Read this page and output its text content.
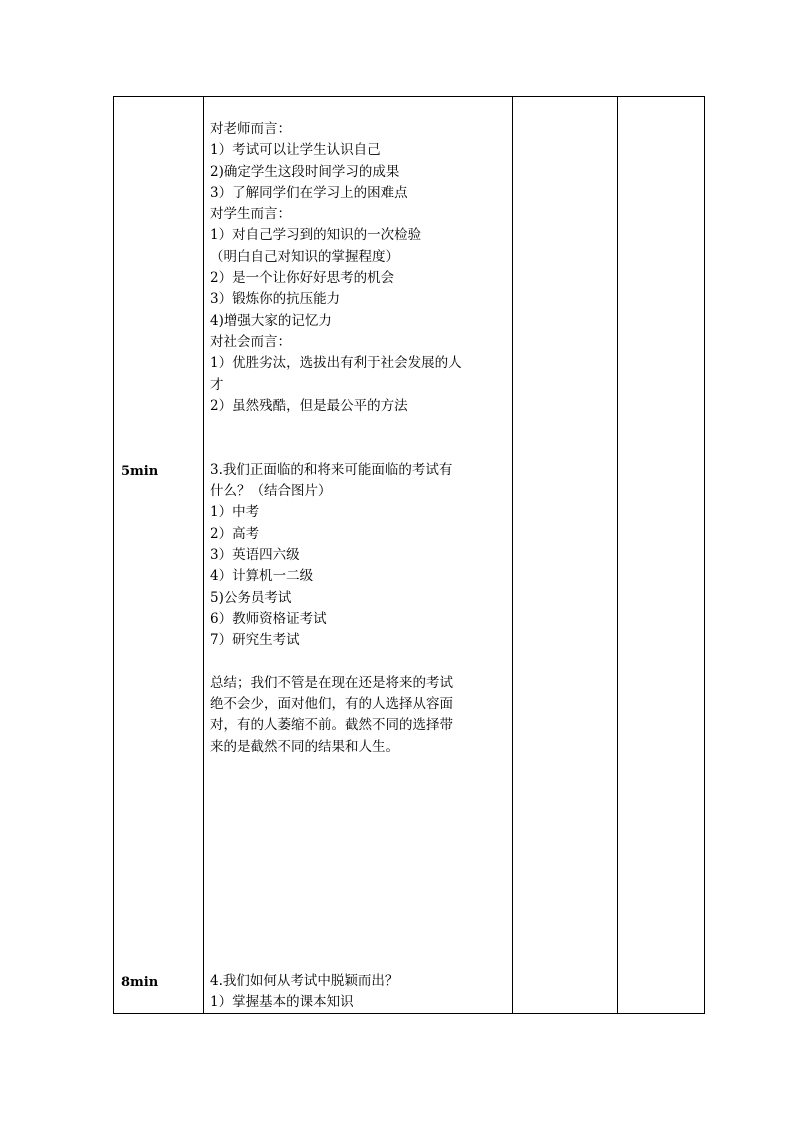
5min
8min
对老师而言：
1）考试可以让学生认识自己
2)确定学生这段时间学习的成果
3）了解同学们在学习上的困难点
对学生而言：
1）对自己学习到的知识的一次检验
（明白自己对知识的掌握程度）
2）是一个让你好好思考的机会
3）锻炼你的抗压能力
4)增强大家的记忆力
对社会而言：
1）优胜劣汰，选拔出有利于社会发展的人
才
2）虽然残酷，但是最公平的方法
3.我们正面临的和将来可能面临的考试有
什么？（结合图片）
1）中考
2）高考
3）英语四六级
4）计算机一二级
5)公务员考试
6）教师资格证考试
7）研究生考试
总结；我们不管是在现在还是将来的考试
绝不会少，面对他们，有的人选择从容面
对，有的人萎缩不前。截然不同的选择带
来的是截然不同的结果和人生。
4.我们如何从考试中脱颖而出？
1）掌握基本的课本知识
